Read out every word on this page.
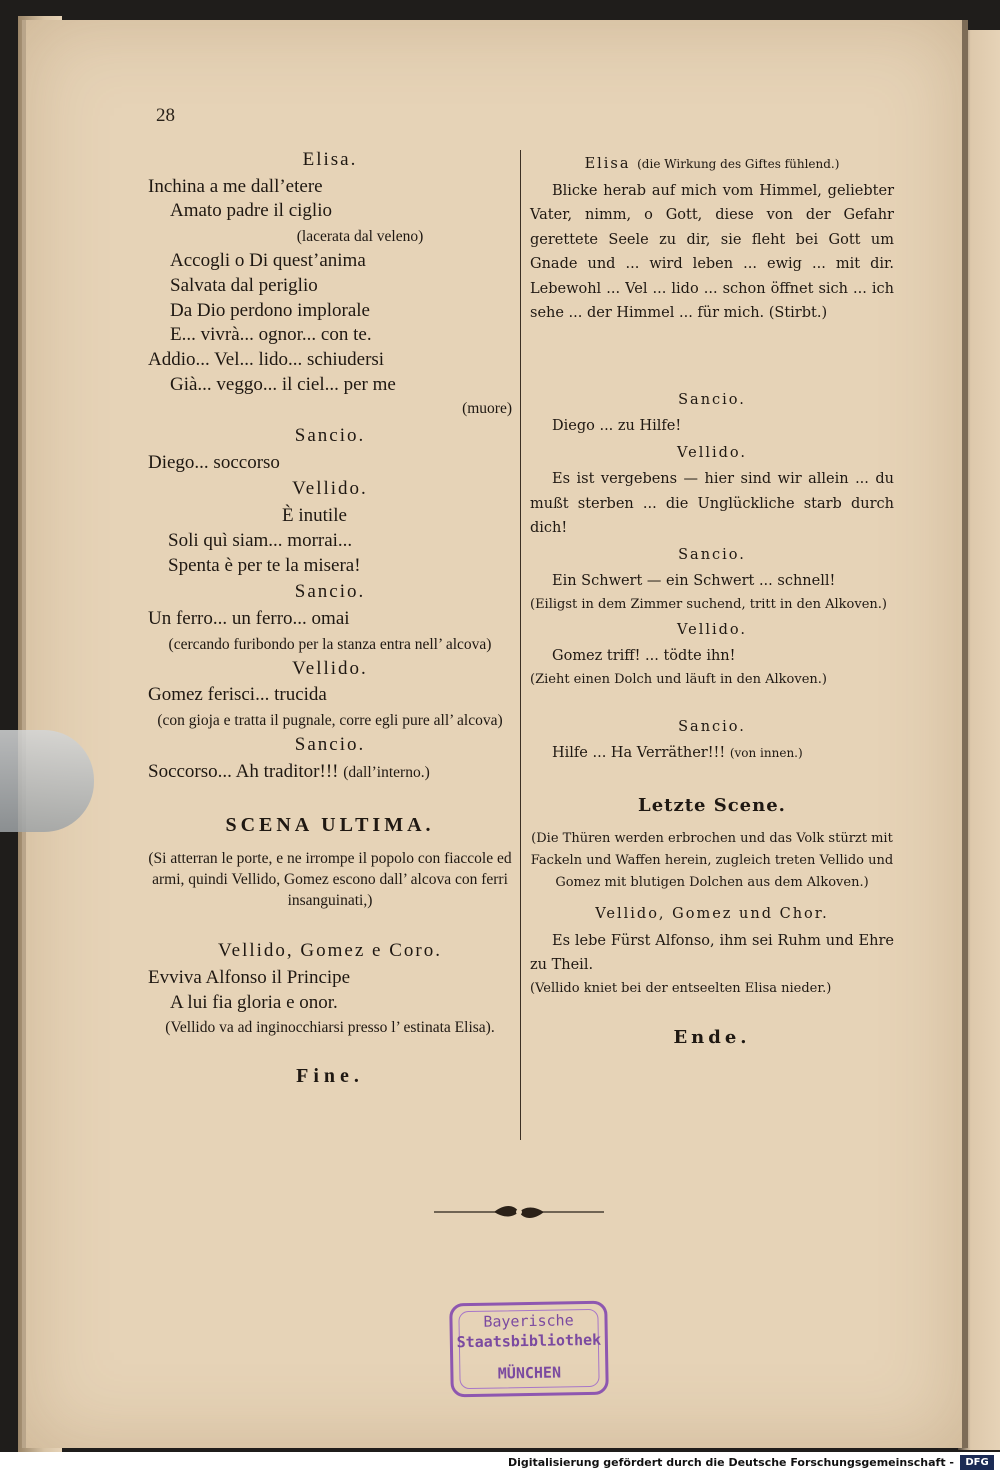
28
Elisa.
Inchina a me dall’etere
Amato padre il ciglio
(lacerata dal veleno)
Accogli o Di quest’anima
Salvata dal periglio
Da Dio perdono implorale
E... vivrà... ognor... con te.
Addio... Vel... lido... schiudersi
Già... veggo... il ciel... per me
(muore)
Sancio.
Diego... soccorso
Vellido.
È inutile
Soli quì siam... morrai...
Spenta è per te la misera!
Sancio.
Un ferro... un ferro... omai
(cercando furibondo per la stanza entra nell’ alcova)
Vellido.
Gomez ferisci... trucida
(con gioja e tratta il pugnale, corre egli pure all’ alcova)
Sancio.
Soccorso... Ah traditor!!! (dall’interno.)
SCENA ULTIMA.
(Si atterran le porte, e ne irrompe il popolo con fiaccole ed armi, quindi Vellido, Gomez escono dall’ alcova con ferri insanguinati,)
Vellido, Gomez e Coro.
Evviva Alfonso il Principe
A lui fia gloria e onor.
(Vellido va ad inginocchiarsi presso l’ estinata Elisa).
Fine.
Elisa (die Wirkung des Giftes fühlend.)
Blicke herab auf mich vom Himmel, geliebter Vater, nimm, o Gott, diese von der Gefahr gerettete Seele zu dir, sie fleht bei Gott um Gnade und ... wird leben ... ewig ... mit dir. Lebewohl ... Vel ... lido ... schon öffnet sich ... ich sehe ... der Himmel ... für mich. (Stirbt.)
Sancio.
Diego ... zu Hilfe!
Vellido.
Es ist vergebens — hier sind wir allein ... du mußt sterben ... die Unglückliche starb durch dich!
Sancio.
Ein Schwert — ein Schwert ... schnell!
(Eiligst in dem Zimmer suchend, tritt in den Alkoven.)
Vellido.
Gomez triff! ... tödte ihn!
(Zieht einen Dolch und läuft in den Alkoven.)
Sancio.
Hilfe ... Ha Verräther!!! (von innen.)
Letzte Scene.
(Die Thüren werden erbrochen und das Volk stürzt mit Fackeln und Waffen herein, zugleich treten Vellido und Gomez mit blutigen Dolchen aus dem Alkoven.)
Vellido, Gomez und Chor.
Es lebe Fürst Alfonso, ihm sei Ruhm und Ehre zu Theil.
(Vellido kniet bei der entseelten Elisa nieder.)
Ende.
Bayerische
Staatsbibliothek
MÜNCHEN
Digitalisierung gefördert durch die Deutsche Forschungsgemeinschaft -	DFG
